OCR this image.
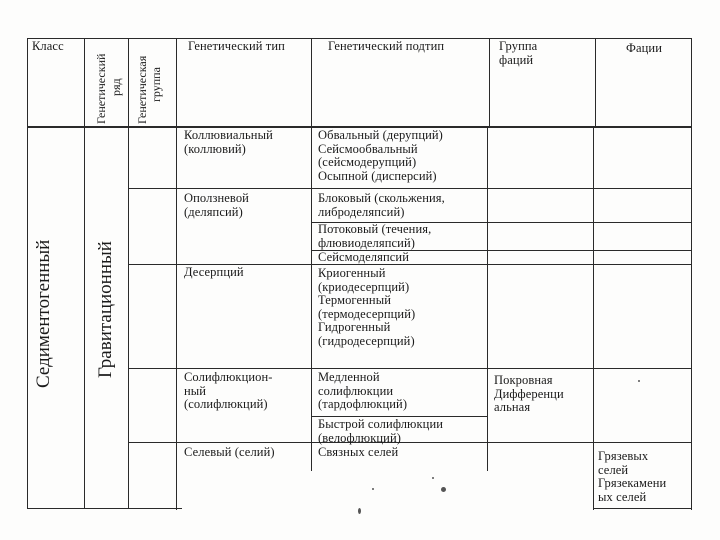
Класс
Генетический ряд Генетическая группа
Генетический тип	Генетический подтип	Группа
фаций
Фации
Седиментогенный Гравитационный
Коллювиальный
(коллювий)
Оползневой
(деляпсий)
Десерпций
Солифлюкцион-
ный
(солифлюкций)
Селевый (селий)
Обвальный (дерупций)
Сейсмообвальный
(сейсмодерупций)
Осыпной (дисперсий)
Блоковый (скольжения,
либроделяпсий)
Потоковый (течения,
флювиоделяпсий)
Сейсмоделяпсий
Криогенный
(криодесерпций)
Термогенный
(термодесерпций)
Гидрогенный
(гидродесерпций)
Медленной
солифлюкции
(тардофлюкций)
Быстрой солифлюкции
(велофлюкций)
Связных селей
Покровная
Дифференци
альная
Грязевых
селей
Грязекамени
ых селей
